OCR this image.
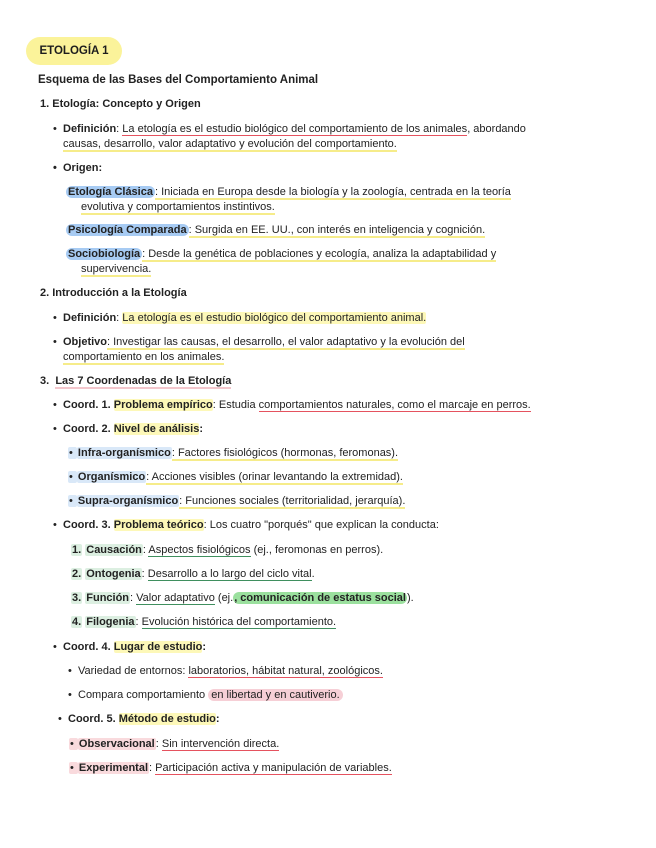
ETOLOGÍA 1
Esquema de las Bases del Comportamiento Animal
1. Etología: Concepto y Origen
• Definición: La etología es el estudio biológico del comportamiento de los animales, abordando
causas, desarrollo, valor adaptativo y evolución del comportamiento.
• Origen:
Etología Clásica : Iniciada en Europa desde la biología y la zoología, centrada en la teoría
evolutiva y comportamientos instintivos.
Psicología Comparada : Surgida en EE. UU., con interés en inteligencia y cognición.
Sociobiología : Desde la genética de poblaciones y ecología, analiza la adaptabilidad y
supervivencia.
2. Introducción a la Etología
• Definición: La etología es el estudio biológico del comportamiento animal.
• Objetivo: Investigar las causas, el desarrollo, el valor adaptativo y la evolución del
comportamiento en los animales.
3. Las 7 Coordenadas de la Etología
• Coord. 1. Problema empírico: Estudia comportamientos naturales, como el marcaje en perros.
• Coord. 2. Nivel de análisis:
• Infra-organísmico: Factores fisiológicos (hormonas, feromonas).
• Organísmico: Acciones visibles (orinar levantando la extremidad).
• Supra-organísmico: Funciones sociales (territorialidad, jerarquía).
• Coord. 3. Problema teórico: Los cuatro "porqués" que explican la conducta:
1. Causación: Aspectos fisiológicos (ej., feromonas en perros).
2. Ontogenia: Desarrollo a lo largo del ciclo vital.
3. Función: Valor adaptativo (ej., comunicación de estatus social).
4. Filogenia: Evolución histórica del comportamiento.
• Coord. 4. Lugar de estudio:
• Variedad de entornos: laboratorios, hábitat natural, zoológicos.
• Compara comportamiento en libertad y en cautiverio.
• Coord. 5. Método de estudio:
• Observacional: Sin intervención directa.
• Experimental: Participación activa y manipulación de variables.
